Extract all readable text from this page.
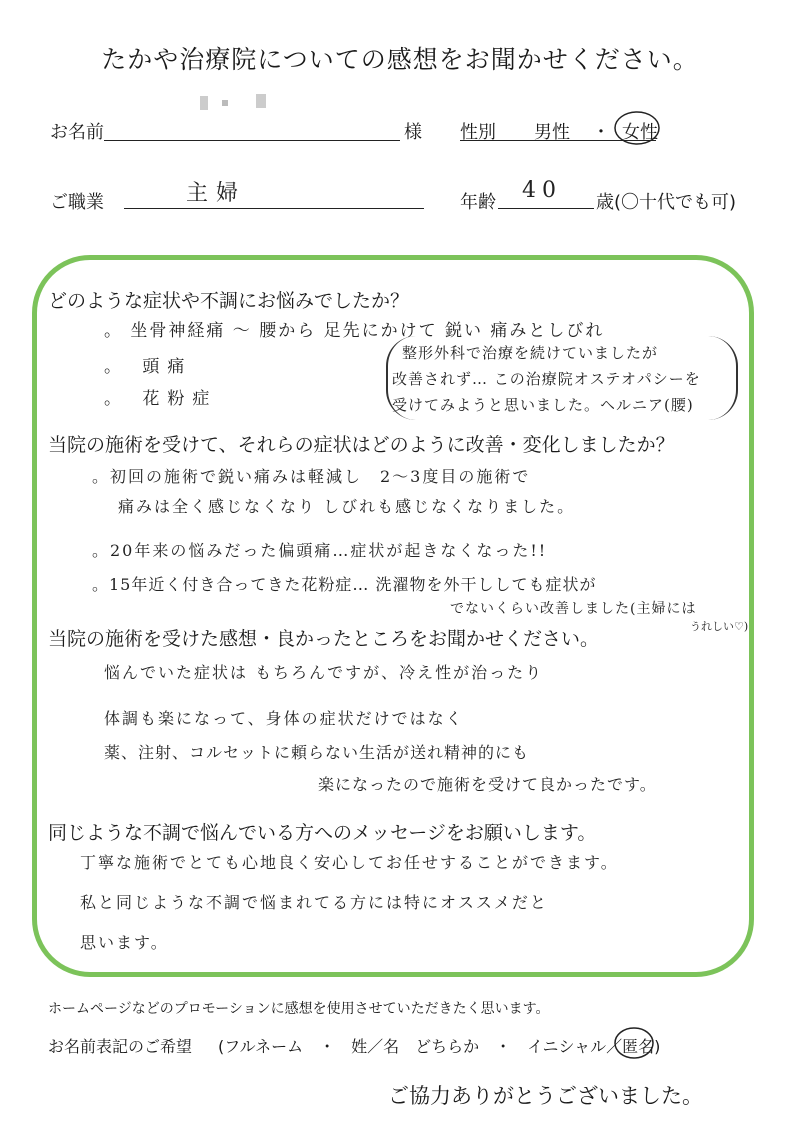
たかや治療院についての感想をお聞かせください。
お名前	様 性別 男性 ・ 女性
ご職業	主婦	年齢 40 歳(〇十代でも可)
どのような症状や不調にお悩みでしたか？
。 坐骨神経痛 ～ 腰から 足先にかけて 鋭い 痛みとしびれ
。 頭痛
。 花粉症
整形外科で治療を続けていましたが
改善されず… この治療院オステオパシーを
受けてみようと思いました。ヘルニア(腰)
当院の施術を受けて、それらの症状はどのように改善・変化しましたか？
。初回の施術で鋭い痛みは軽減し　2～3度目の施術で
痛みは全く感じなくなり しびれも感じなくなりました。
。20年来の悩みだった偏頭痛…症状が起きなくなった!!
。15年近く付き合ってきた花粉症… 洗濯物を外干ししても症状が
でないくらい改善しました(主婦には
うれしい♡)
当院の施術を受けた感想・良かったところをお聞かせください。
悩んでいた症状は もちろんですが、冷え性が治ったり
体調も楽になって、身体の症状だけではなく
薬、注射、コルセットに頼らない生活が送れ精神的にも
楽になったので施術を受けて良かったです。
同じような不調で悩んでいる方へのメッセージをお願いします。
丁寧な施術でとても心地良く安心してお任せすることができます。
私と同じような不調で悩まれてる方には特にオススメだと
思います。
ホームページなどのプロモーションに感想を使用させていただきたく思います。
お名前表記のご希望 (フルネーム　・　姓／名　どちらか　・　イニシャル／匿名)
ご協力ありがとうございました。
